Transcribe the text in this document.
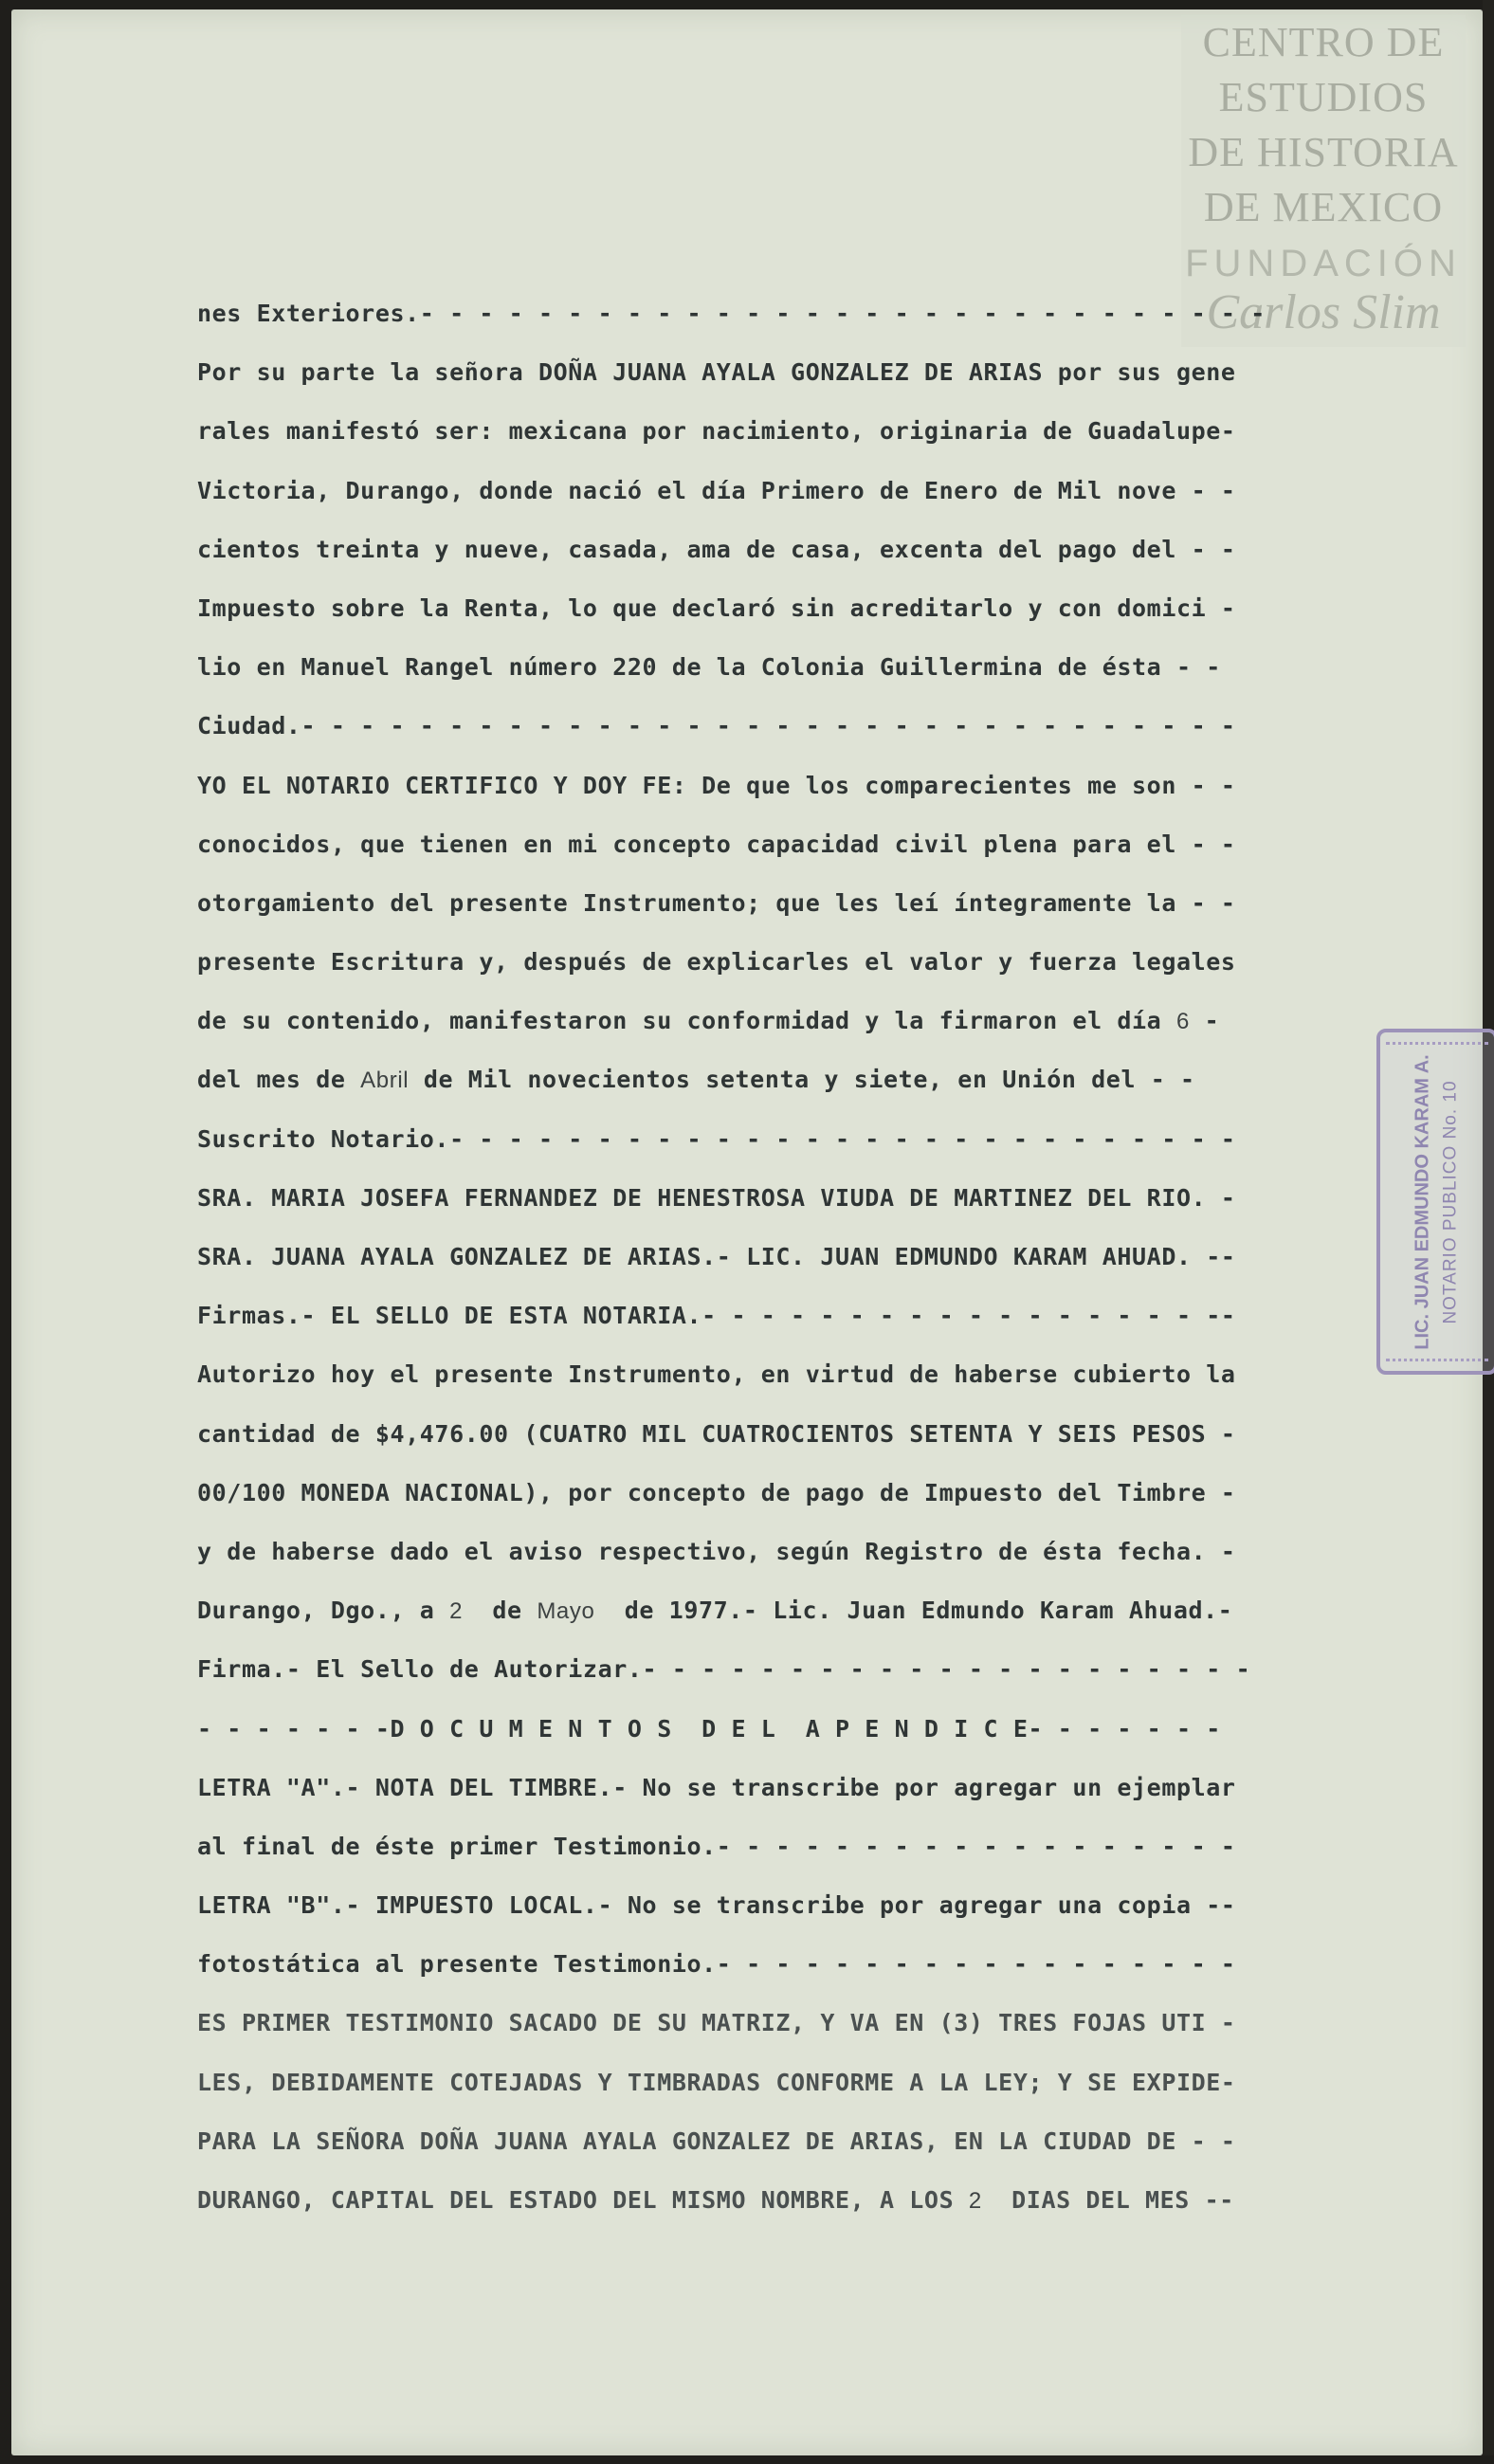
CENTRO DE
ESTUDIOS
DE HISTORIA
DE MEXICO
FUNDACIÓN
Carlos Slim
nes Exteriores.- - - - - - - - - - - - - - - - - - - - - - - - - - - - -
Por su parte la señora DOÑA JUANA AYALA GONZALEZ DE ARIAS por sus gene
rales manifestó ser: mexicana por nacimiento, originaria de Guadalupe-
Victoria, Durango, donde nació el día Primero de Enero de Mil nove - -
cientos treinta y nueve, casada, ama de casa, excenta del pago del - -
Impuesto sobre la Renta, lo que declaró sin acreditarlo y con domici -
lio en Manuel Rangel número 220 de la Colonia Guillermina de ésta - -
Ciudad.- - - - - - - - - - - - - - - - - - - - - - - - - - - - - - - -
YO EL NOTARIO CERTIFICO Y DOY FE: De que los comparecientes me son - -
conocidos, que tienen en mi concepto capacidad civil plena para el - -
otorgamiento del presente Instrumento; que les leí íntegramente la - -
presente Escritura y, después de explicarles el valor y fuerza legales
de su contenido, manifestaron su conformidad y la firmaron el día 6 -
del mes de Abril de Mil novecientos setenta y siete, en Unión del - -
Suscrito Notario.- - - - - - - - - - - - - - - - - - - - - - - - - - -
SRA. MARIA JOSEFA FERNANDEZ DE HENESTROSA VIUDA DE MARTINEZ DEL RIO. -
SRA. JUANA AYALA GONZALEZ DE ARIAS.- LIC. JUAN EDMUNDO KARAM AHUAD. --
Firmas.- EL SELLO DE ESTA NOTARIA.- - - - - - - - - - - - - - - - - --
Autorizo hoy el presente Instrumento, en virtud de haberse cubierto la
cantidad de $4,476.00 (CUATRO MIL CUATROCIENTOS SETENTA Y SEIS PESOS -
00/100 MONEDA NACIONAL), por concepto de pago de Impuesto del Timbre -
y de haberse dado el aviso respectivo, según Registro de ésta fecha. -
Durango, Dgo., a 2 de Mayo de 1977.- Lic. Juan Edmundo Karam Ahuad.-
Firma.- El Sello de Autorizar.- - - - - - - - - - - - - - - - - - - - -
- - - - - - -D O C U M E N T O S  D E L  A P E N D I C E- - - - - - -
LETRA "A".- NOTA DEL TIMBRE.- No se transcribe por agregar un ejemplar
al final de éste primer Testimonio.- - - - - - - - - - - - - - - - - -
LETRA "B".- IMPUESTO LOCAL.- No se transcribe por agregar una copia --
fotostática al presente Testimonio.- - - - - - - - - - - - - - - - - -
ES PRIMER TESTIMONIO SACADO DE SU MATRIZ, Y VA EN (3) TRES FOJAS UTI -
LES, DEBIDAMENTE COTEJADAS Y TIMBRADAS CONFORME A LA LEY; Y SE EXPIDE-
PARA LA SEÑORA DOÑA JUANA AYALA GONZALEZ DE ARIAS, EN LA CIUDAD DE - -
DURANGO, CAPITAL DEL ESTADO DEL MISMO NOMBRE, A LOS 2 DIAS DEL MES --
LIC. JUAN EDMUNDO KARAM A. NOTARIO PUBLICO No. 10
